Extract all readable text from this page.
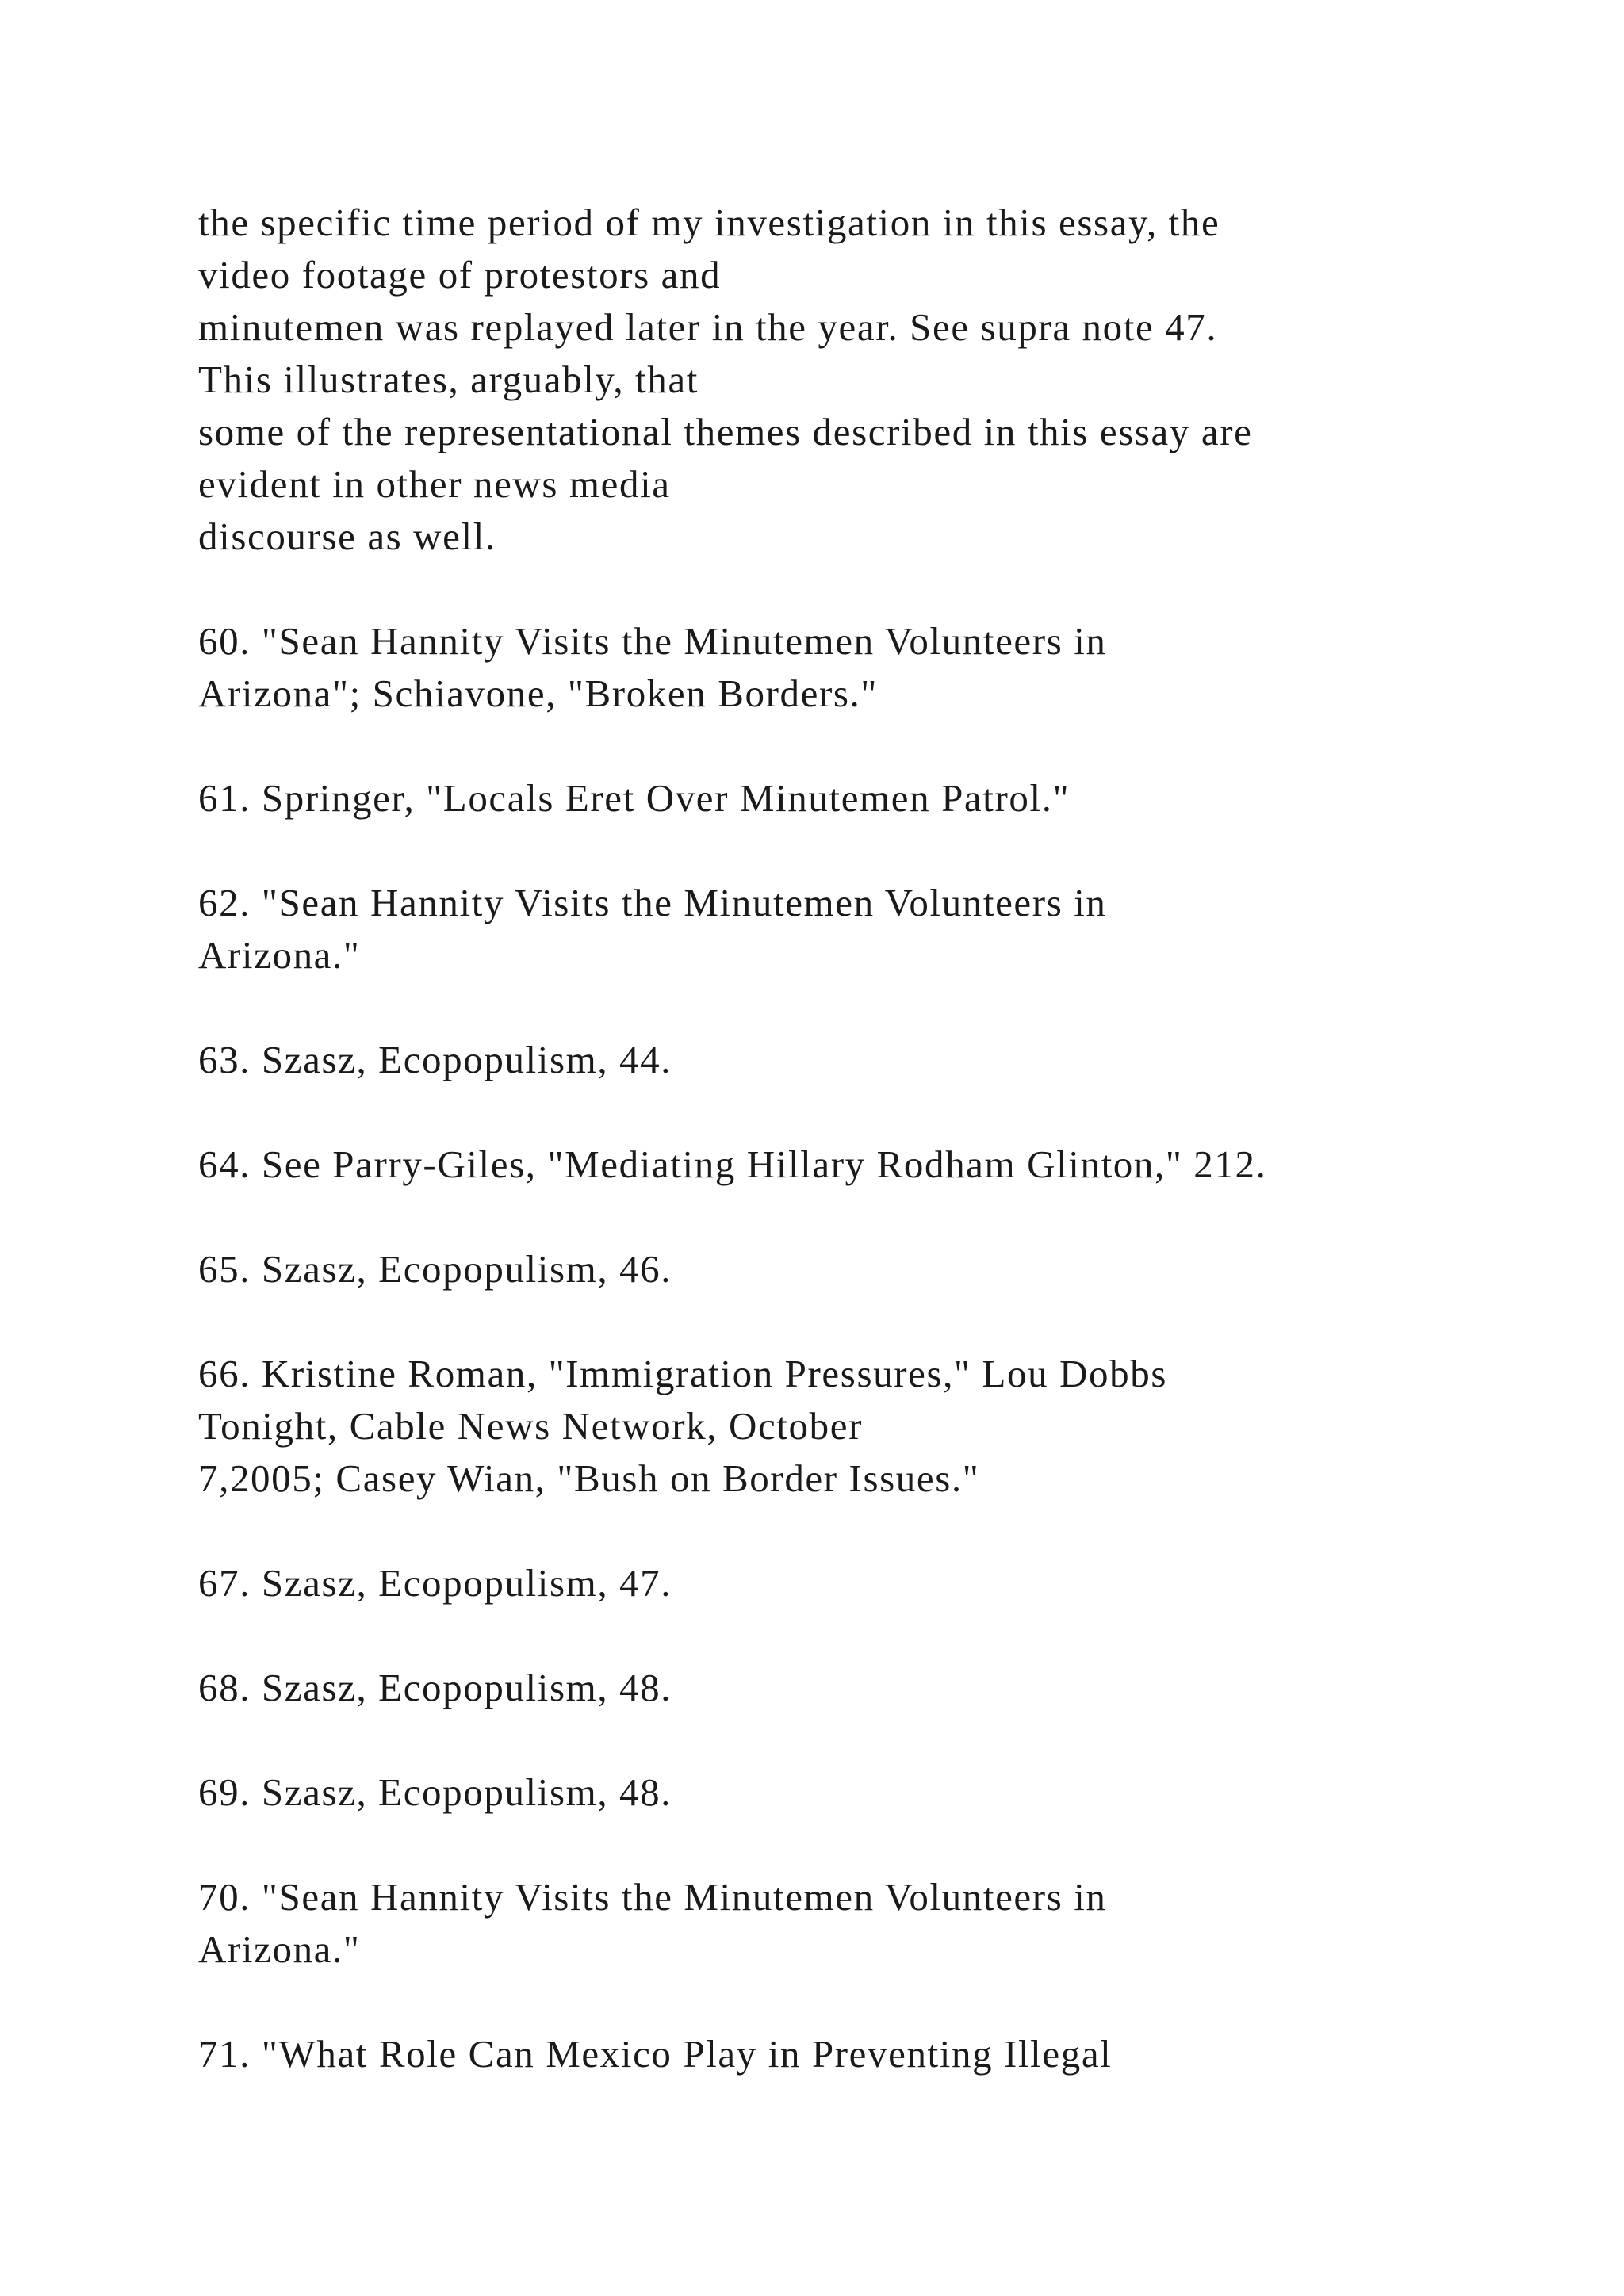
the specific time period of my investigation in this essay, the
video footage of protestors and
minutemen was replayed later in the year. See supra note 47.
This illustrates, arguably, that
some of the representational themes described in this essay are
evident in other news media
discourse as well.
60. "Sean Hannity Visits the Minutemen Volunteers in
Arizona"; Schiavone, "Broken Borders."
61. Springer, "Locals Eret Over Minutemen Patrol."
62. "Sean Hannity Visits the Minutemen Volunteers in
Arizona."
63. Szasz, Ecopopulism, 44.
64. See Parry-Giles, "Mediating Hillary Rodham Glinton," 212.
65. Szasz, Ecopopulism, 46.
66. Kristine Roman, "Immigration Pressures," Lou Dobbs
Tonight, Cable News Network, October
7,2005; Casey Wian, "Bush on Border Issues."
67. Szasz, Ecopopulism, 47.
68. Szasz, Ecopopulism, 48.
69. Szasz, Ecopopulism, 48.
70. "Sean Hannity Visits the Minutemen Volunteers in
Arizona."
71. "What Role Can Mexico Play in Preventing Illegal
